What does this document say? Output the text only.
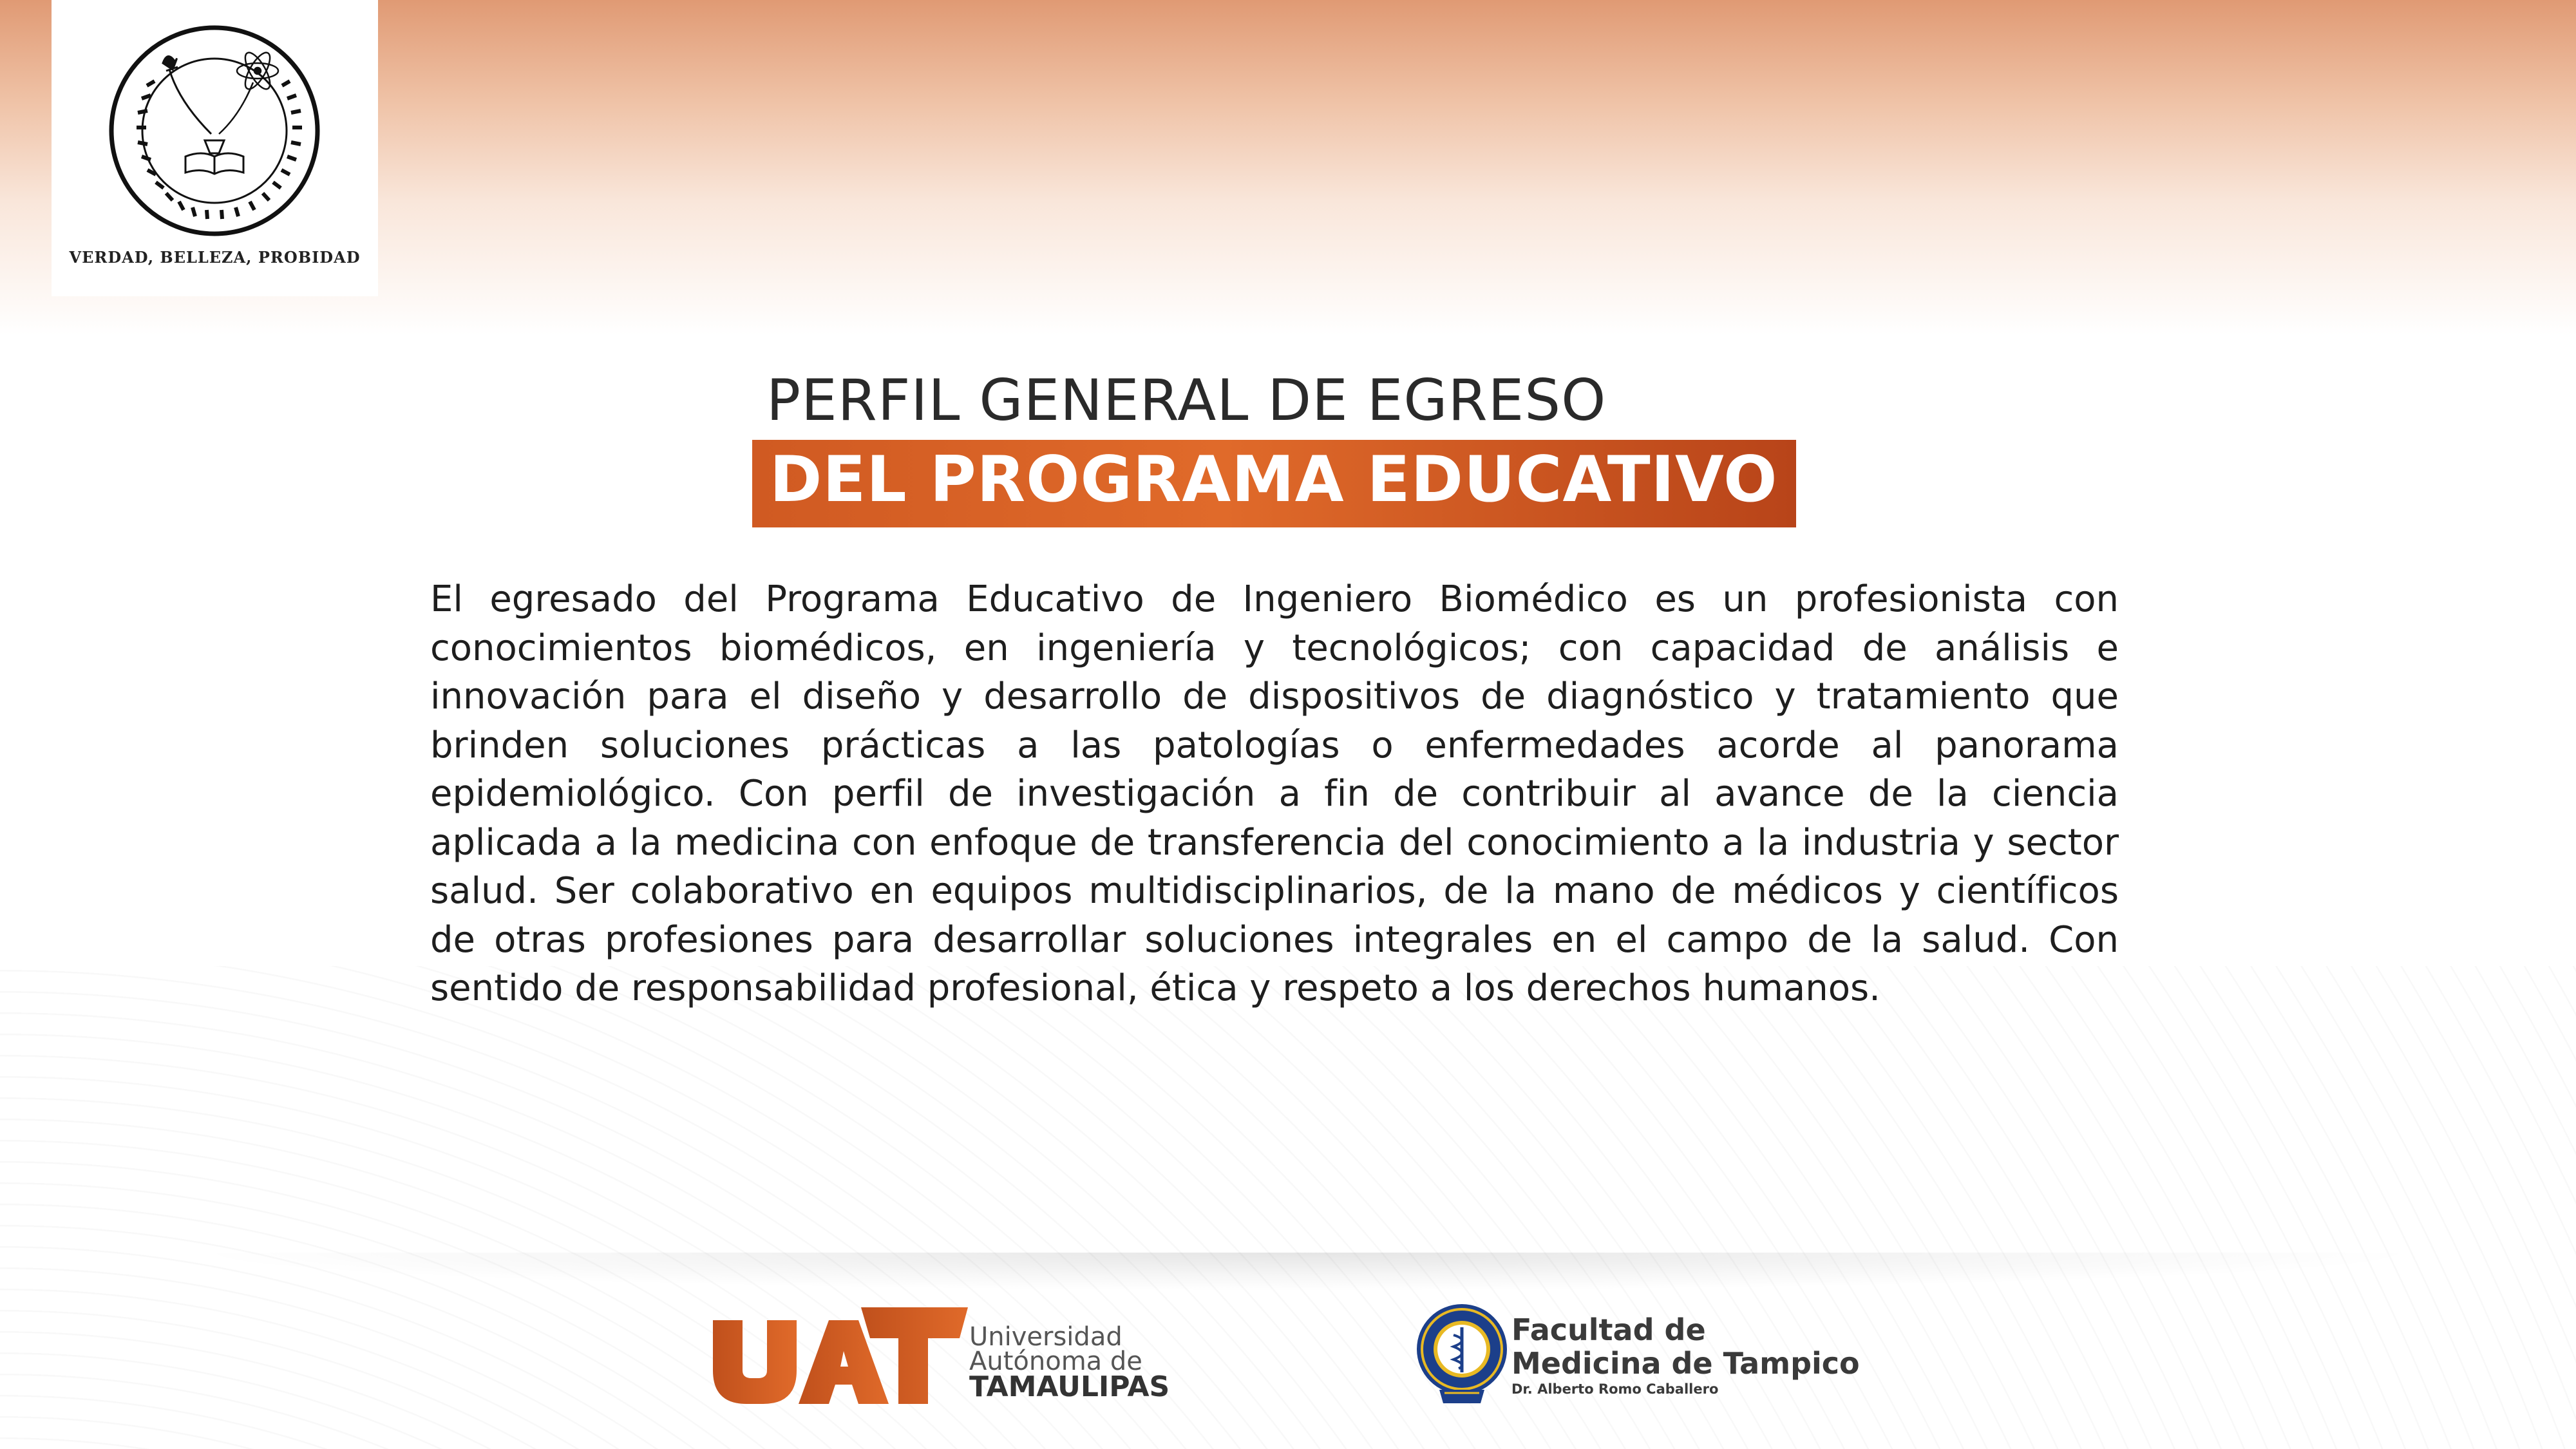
VERDAD, BELLEZA, PROBIDAD
PERFIL GENERAL DE EGRESO
DEL PROGRAMA EDUCATIVO
El egresado del Programa Educativo de Ingeniero Biomédico es un profesionista con conocimientos biomédicos, en ingeniería y tecnológicos; con capacidad de análisis e innovación para el diseño y desarrollo de dispositivos de diagnóstico y tratamiento que brinden soluciones prácticas a las patologías o enfermedades acorde al panorama epidemiológico. Con perfil de investigación a fin de contribuir al avance de la ciencia aplicada a la medicina con enfoque de transferencia del conocimiento a la industria y sector salud. Ser colaborativo en equipos multidisciplinarios, de la mano de médicos y científicos de otras profesiones para desarrollar soluciones integrales en el campo de la salud. Con sentido de responsabilidad profesional, ética y respeto a los derechos humanos.
Universidad
Autónoma de
TAMAULIPAS
Facultad de
Medicina de Tampico
Dr. Alberto Romo Caballero
